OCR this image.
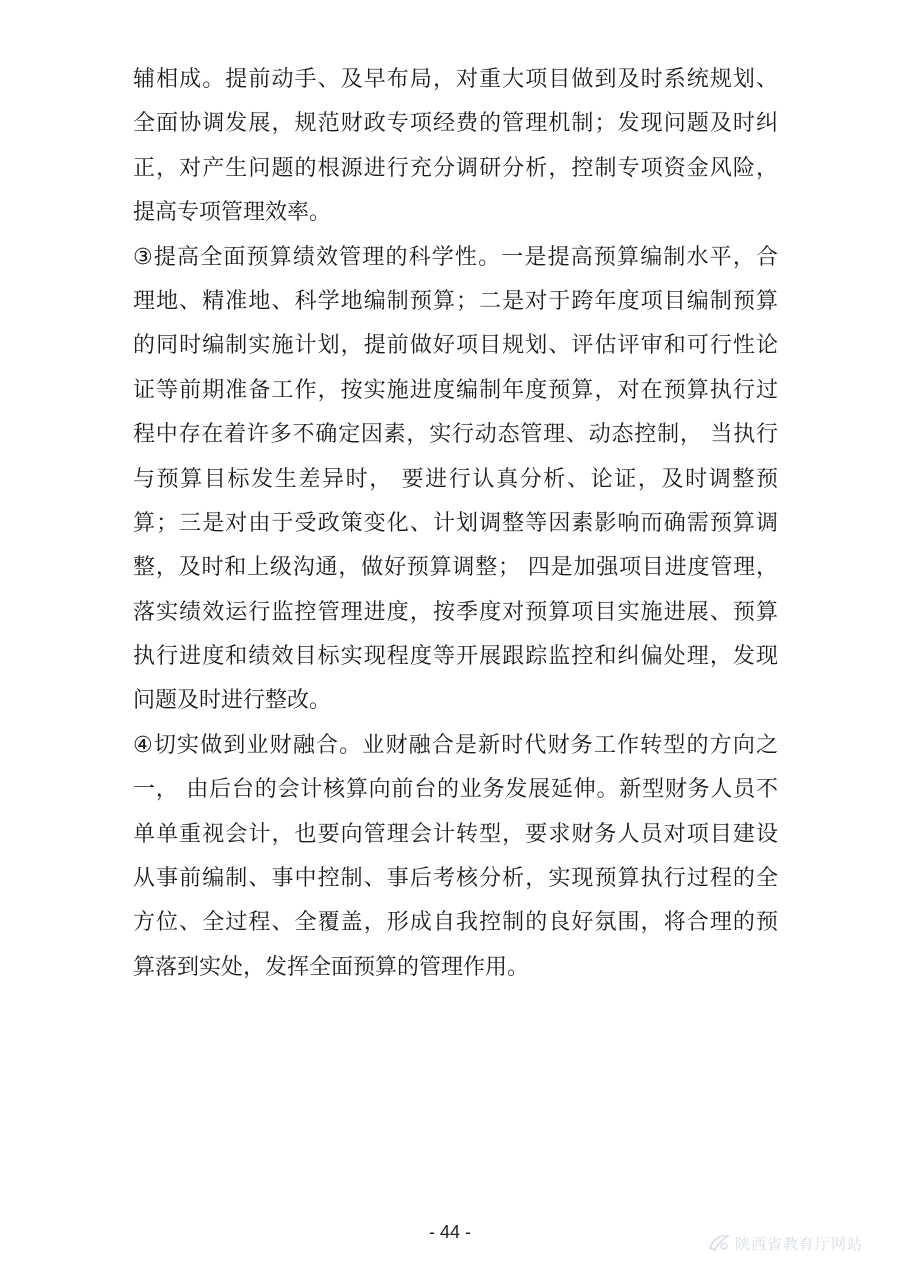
辅相成。提前动手、及早布局，对重大项目做到及时系统规划、
全面协调发展，规范财政专项经费的管理机制；发现问题及时纠
正，对产生问题的根源进行充分调研分析，控制专项资金风险，
提高专项管理效率。
③提高全面预算绩效管理的科学性。一是提高预算编制水平，合
理地、精准地、科学地编制预算；二是对于跨年度项目编制预算
的同时编制实施计划，提前做好项目规划、评估评审和可行性论
证等前期准备工作，按实施进度编制年度预算，对在预算执行过
程中存在着许多不确定因素，实行动态管理、动态控制， 当执行
与预算目标发生差异时， 要进行认真分析、论证，及时调整预
算；三是对由于受政策变化、计划调整等因素影响而确需预算调
整，及时和上级沟通，做好预算调整； 四是加强项目进度管理，
落实绩效运行监控管理进度，按季度对预算项目实施进展、预算
执行进度和绩效目标实现程度等开展跟踪监控和纠偏处理，发现
问题及时进行整改。
④切实做到业财融合。业财融合是新时代财务工作转型的方向之
一， 由后台的会计核算向前台的业务发展延伸。新型财务人员不
单单重视会计，也要向管理会计转型，要求财务人员对项目建设
从事前编制、事中控制、事后考核分析，实现预算执行过程的全
方位、全过程、全覆盖，形成自我控制的良好氛围，将合理的预
算落到实处，发挥全面预算的管理作用。
- 44 -
陕西省教育厅网站
